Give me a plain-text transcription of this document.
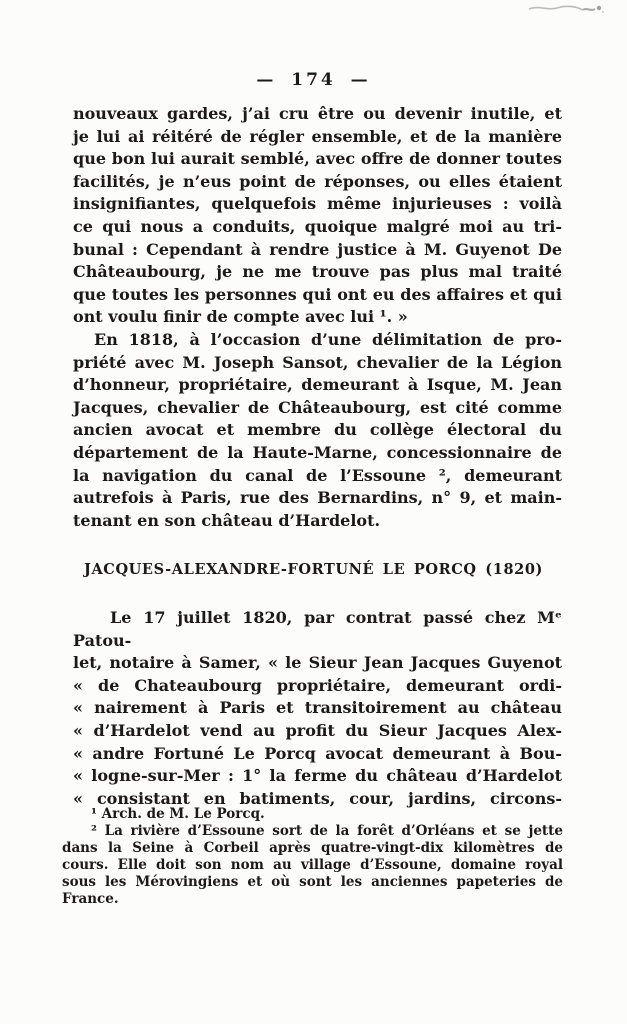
— 174 —
nouveaux gardes, j’ai cru être ou devenir inutile, et
je lui ai réitéré de régler ensemble, et de la manière
que bon lui aurait semblé, avec offre de donner toutes
facilités, je n’eus point de réponses, ou elles étaient
insignifiantes, quelquefois même injurieuses : voilà
ce qui nous a conduits, quoique malgré moi au tri-
bunal : Cependant à rendre justice à M. Guyenot De
Châteaubourg, je ne me trouve pas plus mal traité
que toutes les personnes qui ont eu des affaires et qui
ont voulu finir de compte avec lui ¹. »
En 1818, à l’occasion d’une délimitation de pro-
priété avec M. Joseph Sansot, chevalier de la Légion
d’honneur, propriétaire, demeurant à Isque, M. Jean
Jacques, chevalier de Châteaubourg, est cité comme
ancien avocat et membre du collège électoral du
département de la Haute-Marne, concessionnaire de
la navigation du canal de l’Essoune ², demeurant
autrefois à Paris, rue des Bernardins, n° 9, et main-
tenant en son château d’Hardelot.
JACQUES-ALEXANDRE-FORTUNÉ LE PORCQ (1820)
Le 17 juillet 1820, par contrat passé chez Mᵉ Patou-
let, notaire à Samer, « le Sieur Jean Jacques Guyenot
« de Chateaubourg propriétaire, demeurant ordi-
« nairement à Paris et transitoirement au château
« d’Hardelot vend au profit du Sieur Jacques Alex-
« andre Fortuné Le Porcq avocat demeurant à Bou-
« logne-sur-Mer : 1° la ferme du château d’Hardelot
« consistant en batiments, cour, jardins, circons-
¹ Arch. de M. Le Porcq.
² La rivière d’Essoune sort de la forêt d’Orléans et se jette
dans la Seine à Corbeil après quatre-vingt-dix kilomètres de
cours. Elle doit son nom au village d’Essoune, domaine royal
sous les Mérovingiens et où sont les anciennes papeteries de
France.
